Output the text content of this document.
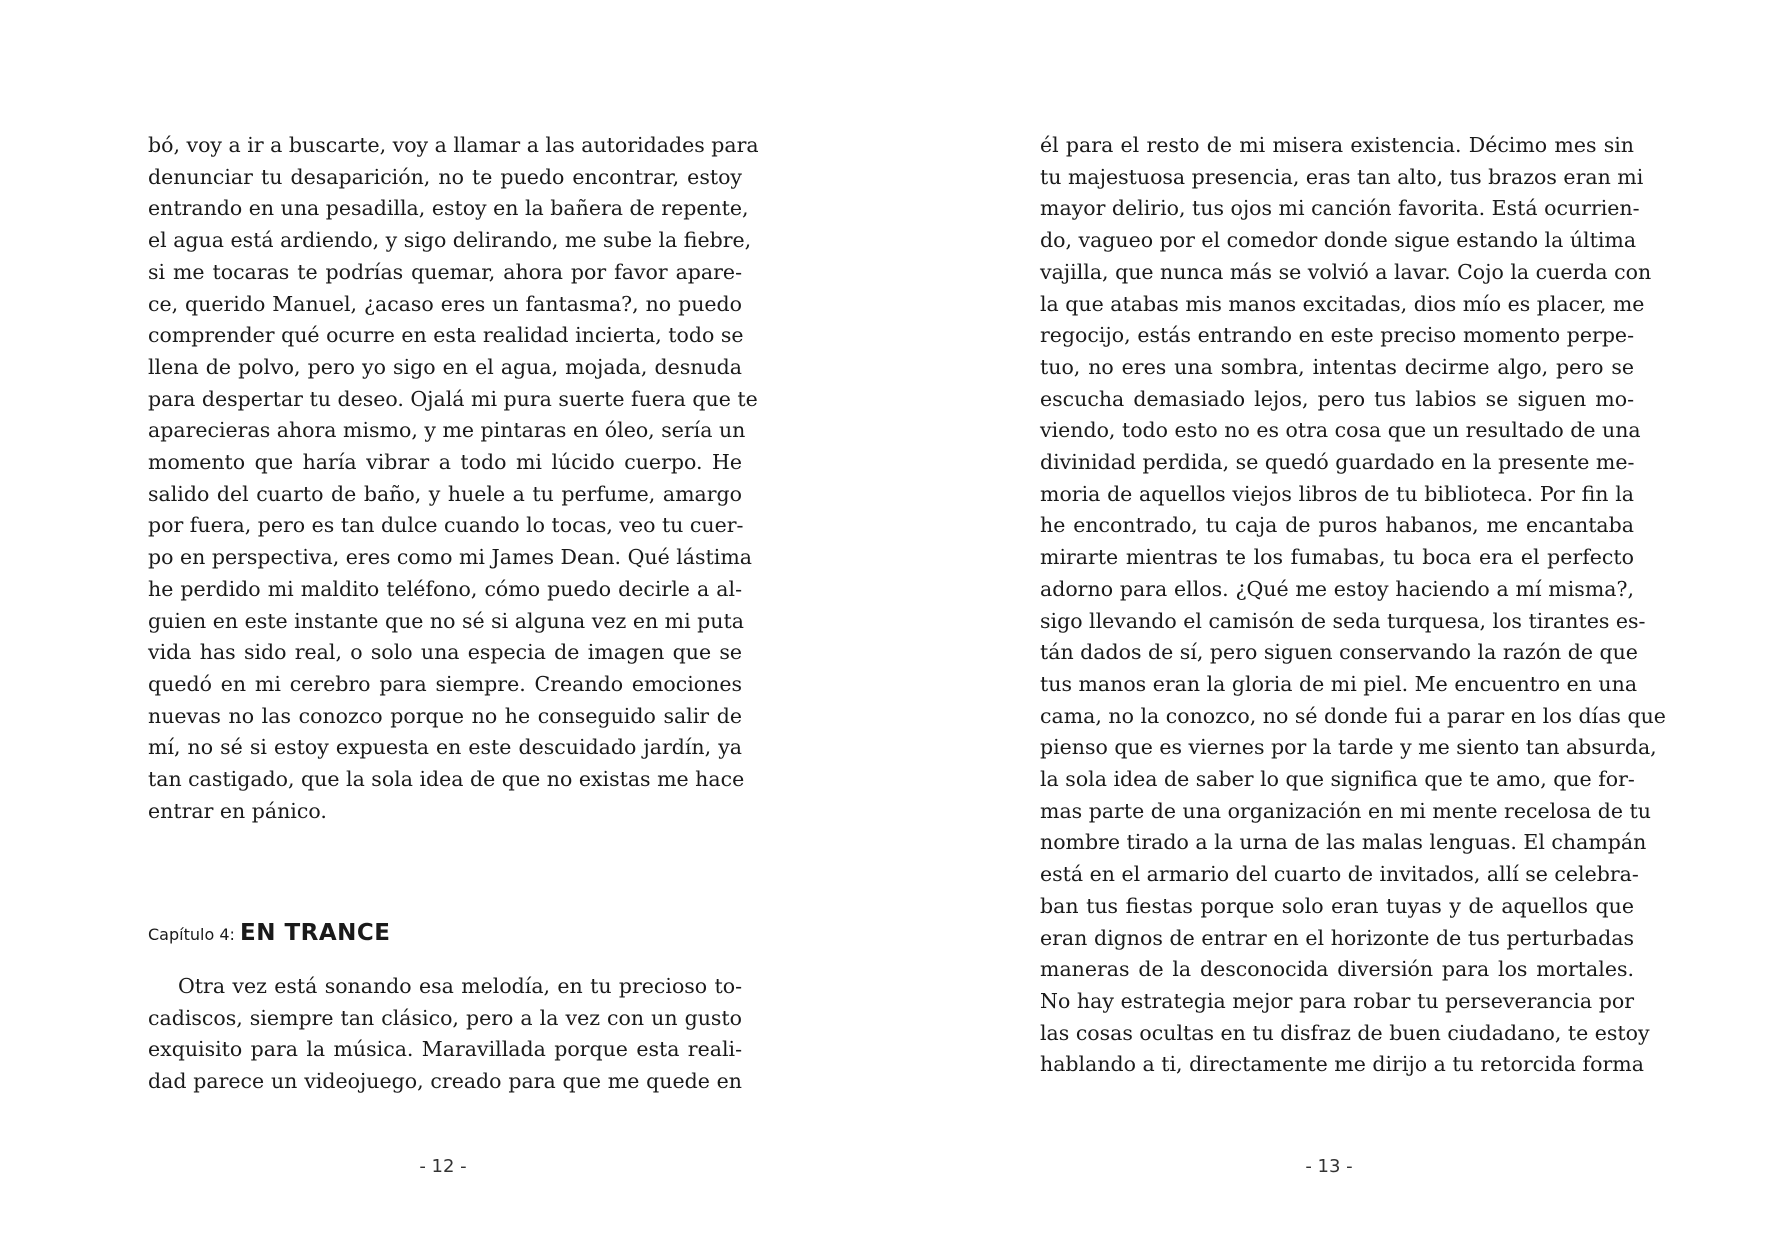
bó, voy a ir a buscarte, voy a llamar a las autoridades para
denunciar tu desaparición, no te puedo encontrar, estoy
entrando en una pesadilla, estoy en la bañera de repente,
el agua está ardiendo, y sigo delirando, me sube la fiebre,
si me tocaras te podrías quemar, ahora por favor apare-
ce, querido Manuel, ¿acaso eres un fantasma?, no puedo
comprender qué ocurre en esta realidad incierta, todo se
llena de polvo, pero yo sigo en el agua, mojada, desnuda
para despertar tu deseo. Ojalá mi pura suerte fuera que te
aparecieras ahora mismo, y me pintaras en óleo, sería un
momento que haría vibrar a todo mi lúcido cuerpo. He
salido del cuarto de baño, y huele a tu perfume, amargo
por fuera, pero es tan dulce cuando lo tocas, veo tu cuer-
po en perspectiva, eres como mi James Dean. Qué lástima
he perdido mi maldito teléfono, cómo puedo decirle a al-
guien en este instante que no sé si alguna vez en mi puta
vida has sido real, o solo una especia de imagen que se
quedó en mi cerebro para siempre. Creando emociones
nuevas no las conozco porque no he conseguido salir de
mí, no sé si estoy expuesta en este descuidado jardín, ya
tan castigado, que la sola idea de que no existas me hace
entrar en pánico.
Capítulo 4: EN TRANCE
Otra vez está sonando esa melodía, en tu precioso to-
cadiscos, siempre tan clásico, pero a la vez con un gusto
exquisito para la música. Maravillada porque esta reali-
dad parece un videojuego, creado para que me quede en
- 12 -
él para el resto de mi misera existencia. Décimo mes sin
tu majestuosa presencia, eras tan alto, tus brazos eran mi
mayor delirio, tus ojos mi canción favorita. Está ocurrien-
do, vagueo por el comedor donde sigue estando la última
vajilla, que nunca más se volvió a lavar. Cojo la cuerda con
la que atabas mis manos excitadas, dios mío es placer, me
regocijo, estás entrando en este preciso momento perpe-
tuo, no eres una sombra, intentas decirme algo, pero se
escucha demasiado lejos, pero tus labios se siguen mo-
viendo, todo esto no es otra cosa que un resultado de una
divinidad perdida, se quedó guardado en la presente me-
moria de aquellos viejos libros de tu biblioteca. Por fin la
he encontrado, tu caja de puros habanos, me encantaba
mirarte mientras te los fumabas, tu boca era el perfecto
adorno para ellos. ¿Qué me estoy haciendo a mí misma?,
sigo llevando el camisón de seda turquesa, los tirantes es-
tán dados de sí, pero siguen conservando la razón de que
tus manos eran la gloria de mi piel. Me encuentro en una
cama, no la conozco, no sé donde fui a parar en los días que
pienso que es viernes por la tarde y me siento tan absurda,
la sola idea de saber lo que significa que te amo, que for-
mas parte de una organización en mi mente recelosa de tu
nombre tirado a la urna de las malas lenguas. El champán
está en el armario del cuarto de invitados, allí se celebra-
ban tus fiestas porque solo eran tuyas y de aquellos que
eran dignos de entrar en el horizonte de tus perturbadas
maneras de la desconocida diversión para los mortales.
No hay estrategia mejor para robar tu perseverancia por
las cosas ocultas en tu disfraz de buen ciudadano, te estoy
hablando a ti, directamente me dirijo a tu retorcida forma
- 13 -
